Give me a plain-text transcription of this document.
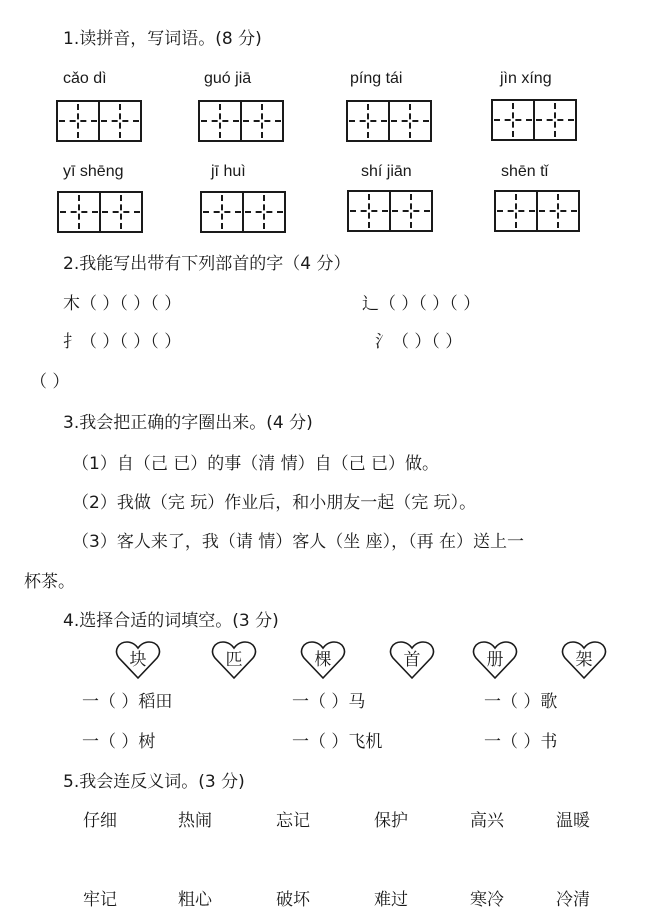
1.读拼音，写词语。(8 分)
cǎo dì	guó jiā	píng tái	jìn xíng
yī shēng	jī huì	shí jiān	shēn tǐ
2.我能写出带有下列部首的字（4 分）
木（ ）（ ）（ ）	辶（ ）（ ）（ ）
扌（ ）（ ）（ ）	氵（ ）（ ）
（ ）
3.我会把正确的字圈出来。(4 分)
（1）自（己 已）的事（清 情）自（己 已）做。
（2）我做（完 玩）作业后，和小朋友一起（完 玩）。
（3）客人来了，我（请 情）客人（坐 座），（再 在）送上一
杯茶。
4.选择合适的词填空。(3 分)
块	匹	棵	首	册	架
一（ ）稻田	一（ ）马	一（ ）歌
一（ ）树	一（ ）飞机	一（ ）书
5.我会连反义词。(3 分)
仔细	热闹	忘记	保护	高兴	温暖
牢记	粗心	破坏	难过	寒冷	冷清
